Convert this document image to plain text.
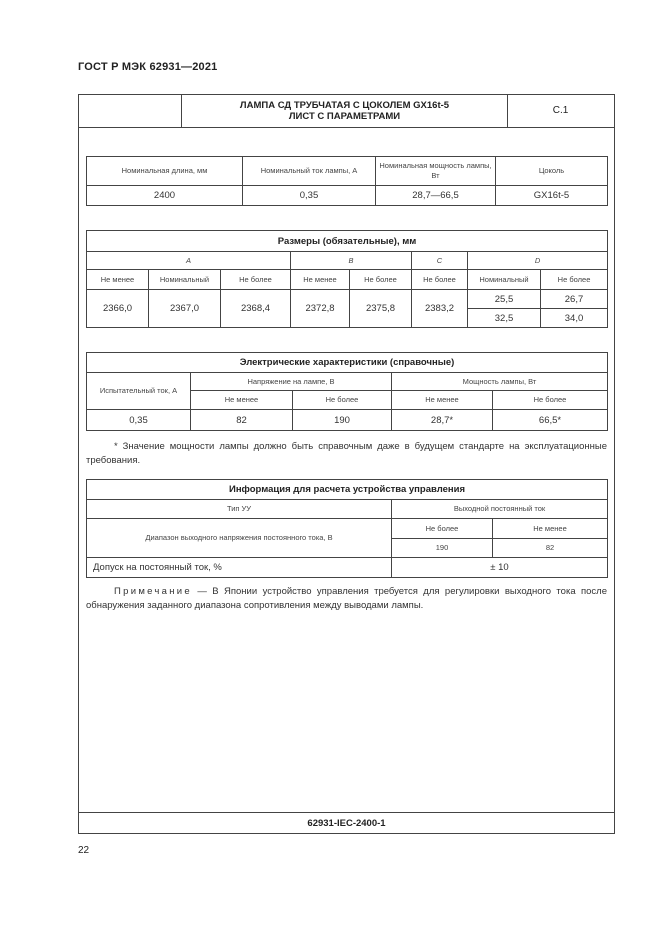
ГОСТ Р МЭК 62931—2021
ЛАМПА СД ТРУБЧАТАЯ С ЦОКОЛЕМ GX16t-5
ЛИСТ С ПАРАМЕТРАМИ	С.1
Номинальная длина, мм	Номинальный ток лампы, А	Номинальная мощность лампы, Вт	Цоколь
2400	0,35	28,7—66,5	GX16t-5
Размеры (обязательные), мм							
A			B		C	D	
Не менее	Номинальный	Не более	Не менее	Не более	Не более	Номинальный	Не более
2366,0	2367,0	2368,4	2372,8	2375,8	2383,2	25,5	26,7
						32,5	34,0
Электрические характеристики (справочные)				
Испытательный ток, А	Напряжение на лампе, В		Мощность лампы, Вт	
	Не менее	Не более	Не менее	Не более
0,35	82	190	28,7*	66,5*

* Значение мощности лампы должно быть справочным даже в будущем стандарте на эксплуатационные требования.

Информация для расчета устройства управления		
Тип УУ	Выходной постоянный ток	
Диапазон выходного напряжения постоянного тока, В	Не более	Не менее
	190	82
Допуск на постоянный ток, %	± 10	

Примечание — В Японии устройство управления требуется для регулировки выходного тока после обнаружения заданного диапазона сопротивления между выводами лампы.

62931-IEC-2400-1
22
